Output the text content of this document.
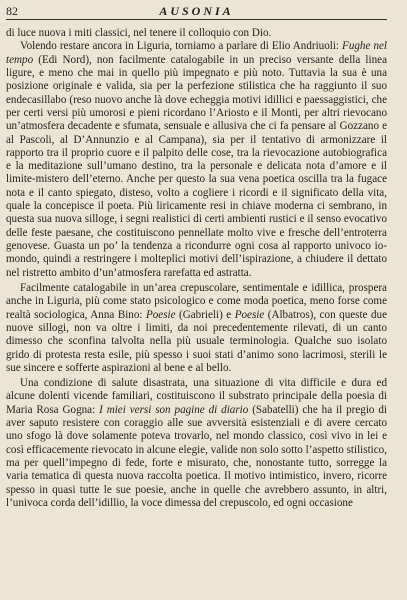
82	AUSONIA

di luce nuova i miti classici, nel tenere il colloquio con Dio.

Volendo restare ancora in Liguria, torniamo a parlare di Elio Andriuoli: Fughe nel tempo (Edi Nord), non facilmente catalogabile in un preciso versante della linea ligure, e meno che mai in quello più impegnato e più noto. Tuttavia la sua è una posizione originale e valida, sia per la perfezione stilistica che ha raggiunto il suo endecasillabo (reso nuovo anche là dove echeggia motivi idillici e paessaggistici, che per certi versi più umorosi e pieni ricordano l’Ariosto e il Monti, per altri rievocano un’atmosfera decadente e sfumata, sensuale e allusiva che ci fa pensare al Gozzano e al Pascoli, al D’Annunzio e al Campana), sia per il tentativo di armonizzare il rapporto tra il proprio cuore e il palpito delle cose, tra la rievocazione autobiografica e la meditazione sull’umano destino, tra la personale e delicata nota d’amore e il limite-mistero dell’eterno. Anche per questo la sua vena poetica oscilla tra la fugace nota e il canto spiegato, disteso, volto a cogliere i ricordi e il significato della vita, quale la concepisce il poeta. Più liricamente resi in chiave moderna ci sembrano, in questa sua nuova silloge, i segni realistici di certi ambienti rustici e il senso evocativo delle feste paesane, che costituiscono pennellate molto vive e fresche dell’entroterra genovese. Guasta un po’ la tendenza a ricondurre ogni cosa al rapporto univoco io-mondo, quindi a restringere i molteplici motivi dell’ispirazione, a chiudere il dettato nel ristretto ambito d’un’atmosfera rarefatta ed astratta.

Facilmente catalogabile in un’area crepuscolare, sentimentale e idillica, prospera anche in Liguria, più come stato psicologico e come moda poetica, meno forse come realtà sociologica, Anna Bino: Poesie (Gabrieli) e Poesie (Albatros), con queste due nuove sillogi, non va oltre i limiti, da noi precedentemente rilevati, di un canto dimesso che sconfina talvolta nella più usuale terminologia. Qualche suo isolato grido di protesta resta esile, più spesso i suoi stati d’animo sono lacrimosi, sterili le sue sincere e sofferte aspirazioni al bene e al bello.

Una condizione di salute disastrata, una situazione di vita difficile e dura ed alcune dolenti vicende familiari, costituiscono il substrato principale della poesia di Maria Rosa Gogna: I miei versi son pagine di diario (Sabatelli) che ha il pregio di aver saputo resistere con coraggio alle sue avversità esistenziali e di avere cercato uno sfogo là dove solamente poteva trovarlo, nel mondo classico, così vivo in lei e così efficacemente rievocato in alcune elegie, valide non solo sotto l’aspetto stilistico, ma per quell’impegno di fede, forte e misurato, che, nonostante tutto, sorregge la varia tematica di questa nuova raccolta poetica. Il motivo intimistico, invero, ricorre spesso in quasi tutte le sue poesie, anche in quelle che avrebbero assunto, in altri, l’univoca corda dell’idillio, la voce dimessa del crepuscolo, ed ogni occasione
